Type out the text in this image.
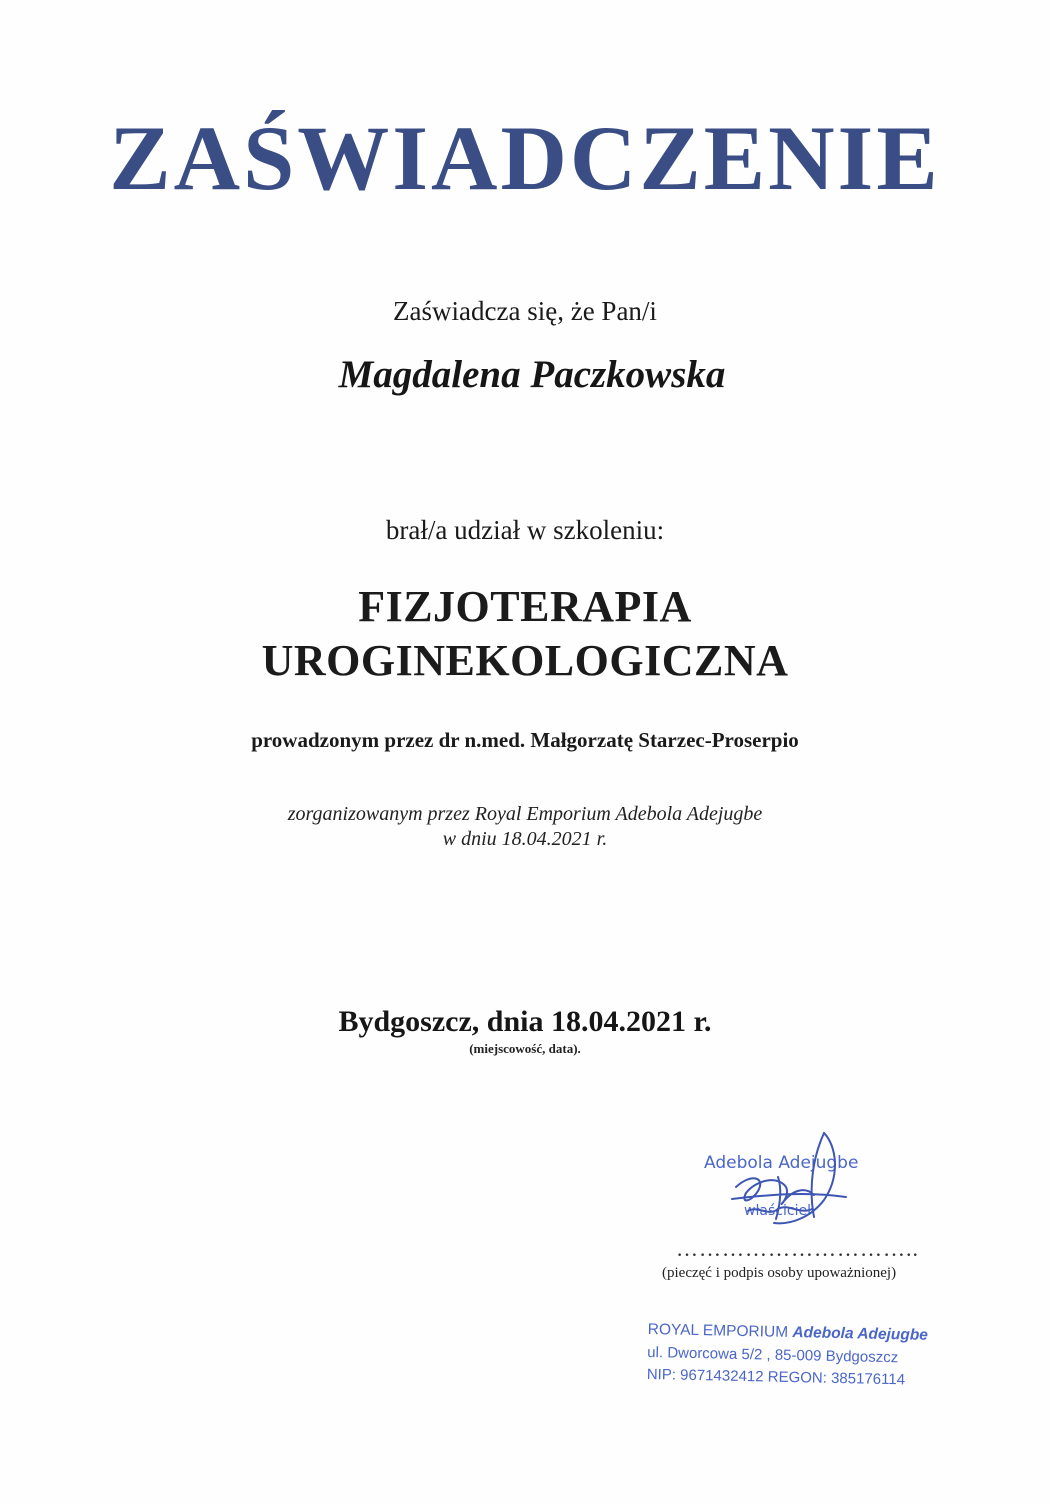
ZAŚWIADCZENIE
Zaświadcza się, że Pan/i
Magdalena Paczkowska
brał/a udział w szkoleniu:
FIZJOTERAPIA
UROGINEKOLOGICZNA
prowadzonym przez dr n.med. Małgorzatę Starzec-Proserpio
zorganizowanym przez Royal Emporium Adebola Adejugbe
w dniu 18.04.2021 r.
Bydgoszcz, dnia 18.04.2021 r.
(miejscowość, data).
Adebola Adejugbe
właściciel
…………………………..
(pieczęć i podpis osoby upoważnionej)
ROYAL EMPORIUM Adebola Adejugbe
ul. Dworcowa 5/2 , 85-009 Bydgoszcz
NIP: 9671432412 REGON: 385176114
